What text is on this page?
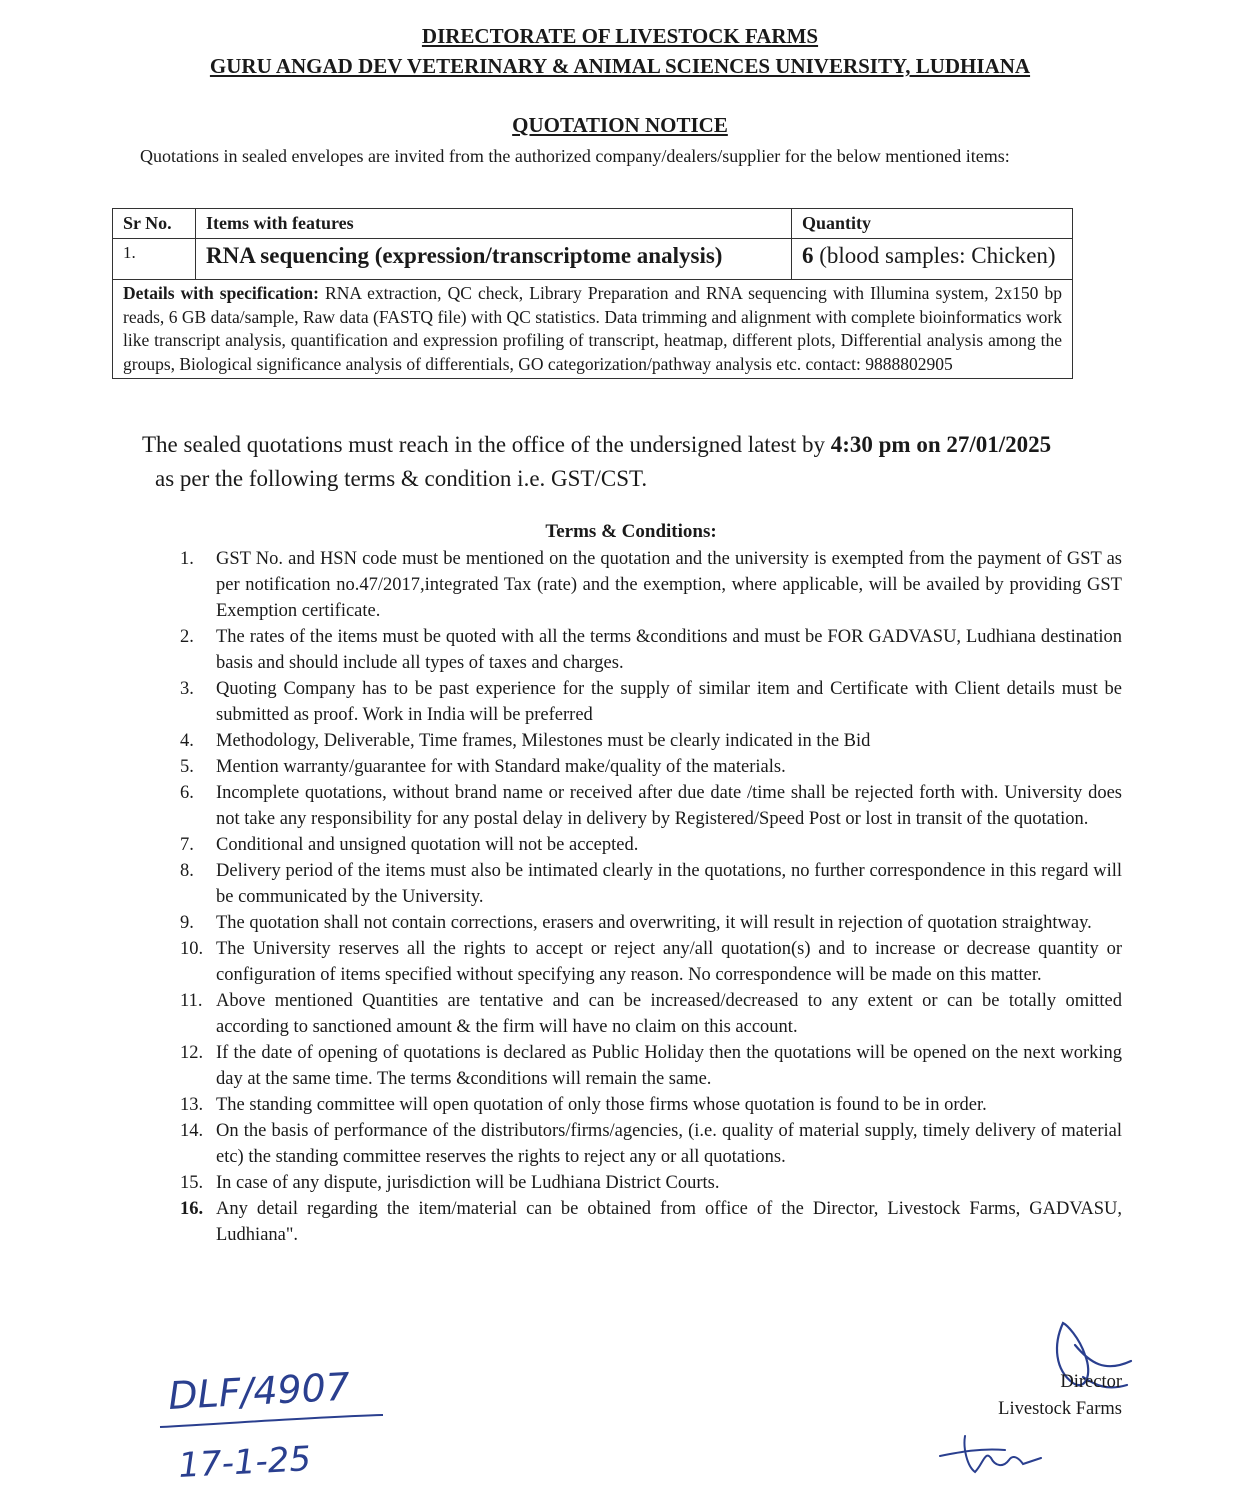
DIRECTORATE OF LIVESTOCK FARMS
GURU ANGAD DEV VETERINARY & ANIMAL SCIENCES UNIVERSITY, LUDHIANA
QUOTATION NOTICE
Quotations in sealed envelopes are invited from the authorized company/dealers/supplier for the below mentioned items:
Sr No.	Items with features	Quantity
1.	RNA sequencing (expression/transcriptome analysis)	6 (blood samples: Chicken)
Details with specification: RNA extraction, QC check, Library Preparation and RNA sequencing with Illumina system, 2x150 bp reads, 6 GB data/sample, Raw data (FASTQ file) with QC statistics. Data trimming and alignment with complete bioinformatics work like transcript analysis, quantification and expression profiling of transcript, heatmap, different plots, Differential analysis among the groups, Biological significance analysis of differentials, GO categorization/pathway analysis etc. contact: 9888802905		
The sealed quotations must reach in the office of the undersigned latest by 4:30 pm on 27/01/2025
as per the following terms & condition i.e. GST/CST.
Terms & Conditions:
1. GST No. and HSN code must be mentioned on the quotation and the university is exempted from the payment of GST as per notification no.47/2017,integrated Tax (rate) and the exemption, where applicable, will be availed by providing GST Exemption certificate.
2. The rates of the items must be quoted with all the terms &conditions and must be FOR GADVASU, Ludhiana destination basis and should include all types of taxes and charges.
3. Quoting Company has to be past experience for the supply of similar item and Certificate with Client details must be submitted as proof. Work in India will be preferred
4. Methodology, Deliverable, Time frames, Milestones must be clearly indicated in the Bid
5. Mention warranty/guarantee for with Standard make/quality of the materials.
6. Incomplete quotations, without brand name or received after due date /time shall be rejected forth with. University does not take any responsibility for any postal delay in delivery by Registered/Speed Post or lost in transit of the quotation.
7. Conditional and unsigned quotation will not be accepted.
8. Delivery period of the items must also be intimated clearly in the quotations, no further correspondence in this regard will be communicated by the University.
9. The quotation shall not contain corrections, erasers and overwriting, it will result in rejection of quotation straightway.
10. The University reserves all the rights to accept or reject any/all quotation(s) and to increase or decrease quantity or configuration of items specified without specifying any reason. No correspondence will be made on this matter.
11. Above mentioned Quantities are tentative and can be increased/decreased to any extent or can be totally omitted according to sanctioned amount & the firm will have no claim on this account.
12. If the date of opening of quotations is declared as Public Holiday then the quotations will be opened on the next working day at the same time. The terms &conditions will remain the same.
13. The standing committee will open quotation of only those firms whose quotation is found to be in order.
14. On the basis of performance of the distributors/firms/agencies, (i.e. quality of material supply, timely delivery of material etc) the standing committee reserves the rights to reject any or all quotations.
15. In case of any dispute, jurisdiction will be Ludhiana District Courts.
16. Any detail regarding the item/material can be obtained from office of the Director, Livestock Farms, GADVASU, Ludhiana".
Director
Livestock Farms
DLF/4907
17-1-25
